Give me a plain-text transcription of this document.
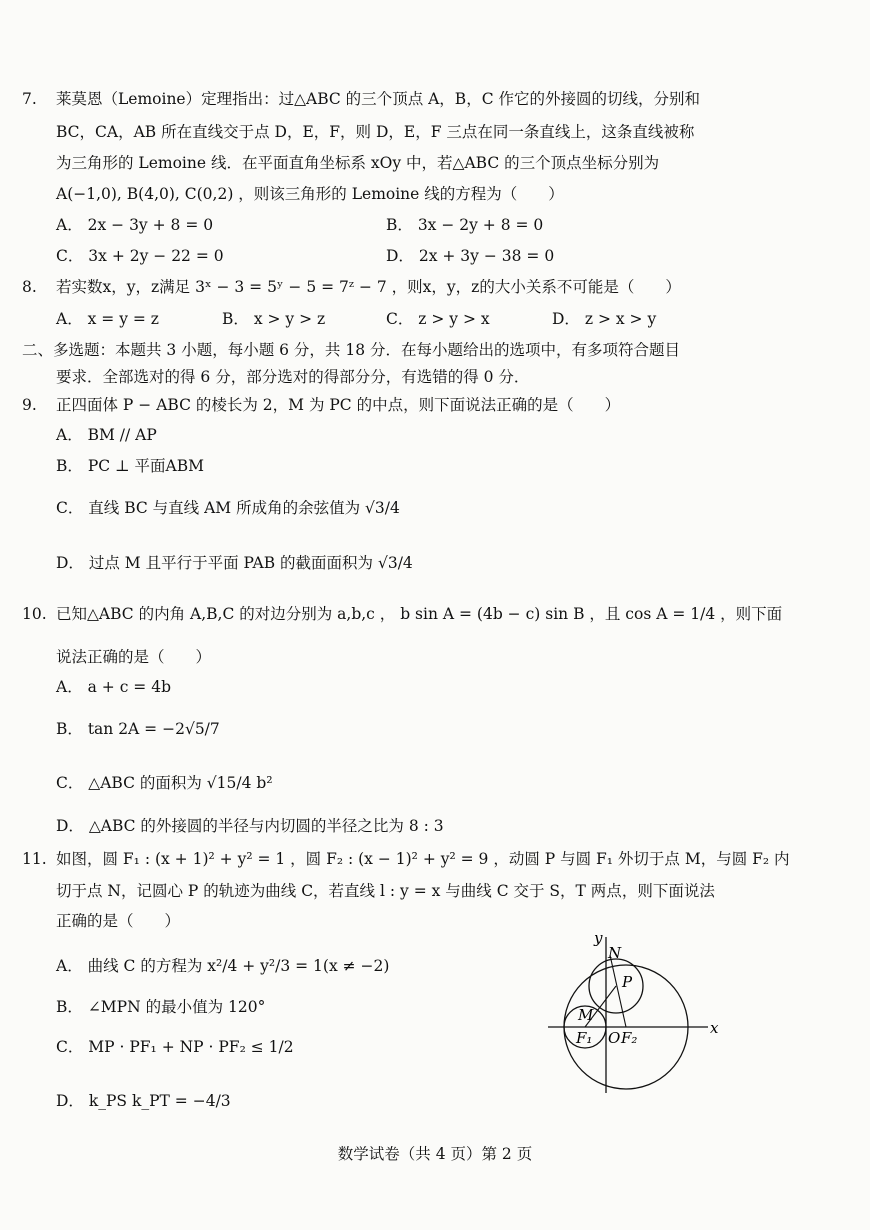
7. 莱莫恩（Lemoine）定理指出：过△ABC 的三个顶点 A，B，C 作它的外接圆的切线，分别和
BC，CA，AB 所在直线交于点 D，E，F，则 D，E，F 三点在同一条直线上，这条直线被称
为三角形的 Lemoine 线．在平面直角坐标系 xOy 中，若△ABC 的三个顶点坐标分别为
A(−1,0), B(4,0), C(0,2) ，则该三角形的 Lemoine 线的方程为（　　）
A． 2x − 3y + 8 = 0	B． 3x − 2y + 8 = 0
C． 3x + 2y − 22 = 0	D． 2x + 3y − 38 = 0
8. 若实数x，y，z满足 3ˣ − 3 = 5ʸ − 5 = 7ᶻ − 7 ，则x，y，z的大小关系不可能是（　　）
A． x = y = z	B． x > y > z	C． z > y > x	D． z > x > y
二、多选题：本题共 3 小题，每小题 6 分，共 18 分．在每小题给出的选项中，有多项符合题目
要求．全部选对的得 6 分，部分选对的得部分分，有选错的得 0 分．
9. 正四面体 P − ABC 的棱长为 2，M 为 PC 的中点，则下面说法正确的是（　　）
A． BM // AP
B． PC ⊥ 平面ABM
C． 直线 BC 与直线 AM 所成角的余弦值为 √3/4
D． 过点 M 且平行于平面 PAB 的截面面积为 √3/4
10. 已知△ABC 的内角 A,B,C 的对边分别为 a,b,c ， b sin A = (4b − c) sin B ，且 cos A = 1/4 ，则下面
说法正确的是（　　）
A． a + c = 4b
B． tan 2A = −2√5/7
C． △ABC 的面积为 √15/4 b²
D． △ABC 的外接圆的半径与内切圆的半径之比为 8 : 3
11. 如图，圆 F₁ : (x + 1)² + y² = 1 ，圆 F₂ : (x − 1)² + y² = 9 ，动圆 P 与圆 F₁ 外切于点 M，与圆 F₂ 内
切于点 N，记圆心 P 的轨迹为曲线 C，若直线 l : y = x 与曲线 C 交于 S，T 两点，则下面说法
正确的是（　　）
A． 曲线 C 的方程为 x²/4 + y²/3 = 1(x ≠ −2)
B． ∠MPN 的最小值为 120°
C． MP · PF₁ + NP · PF₂ ≤ 1/2
D． k_PS k_PT = −4/3
y
x
N
P
M
F₁ O F₂
数学试卷（共 4 页）第 2 页
